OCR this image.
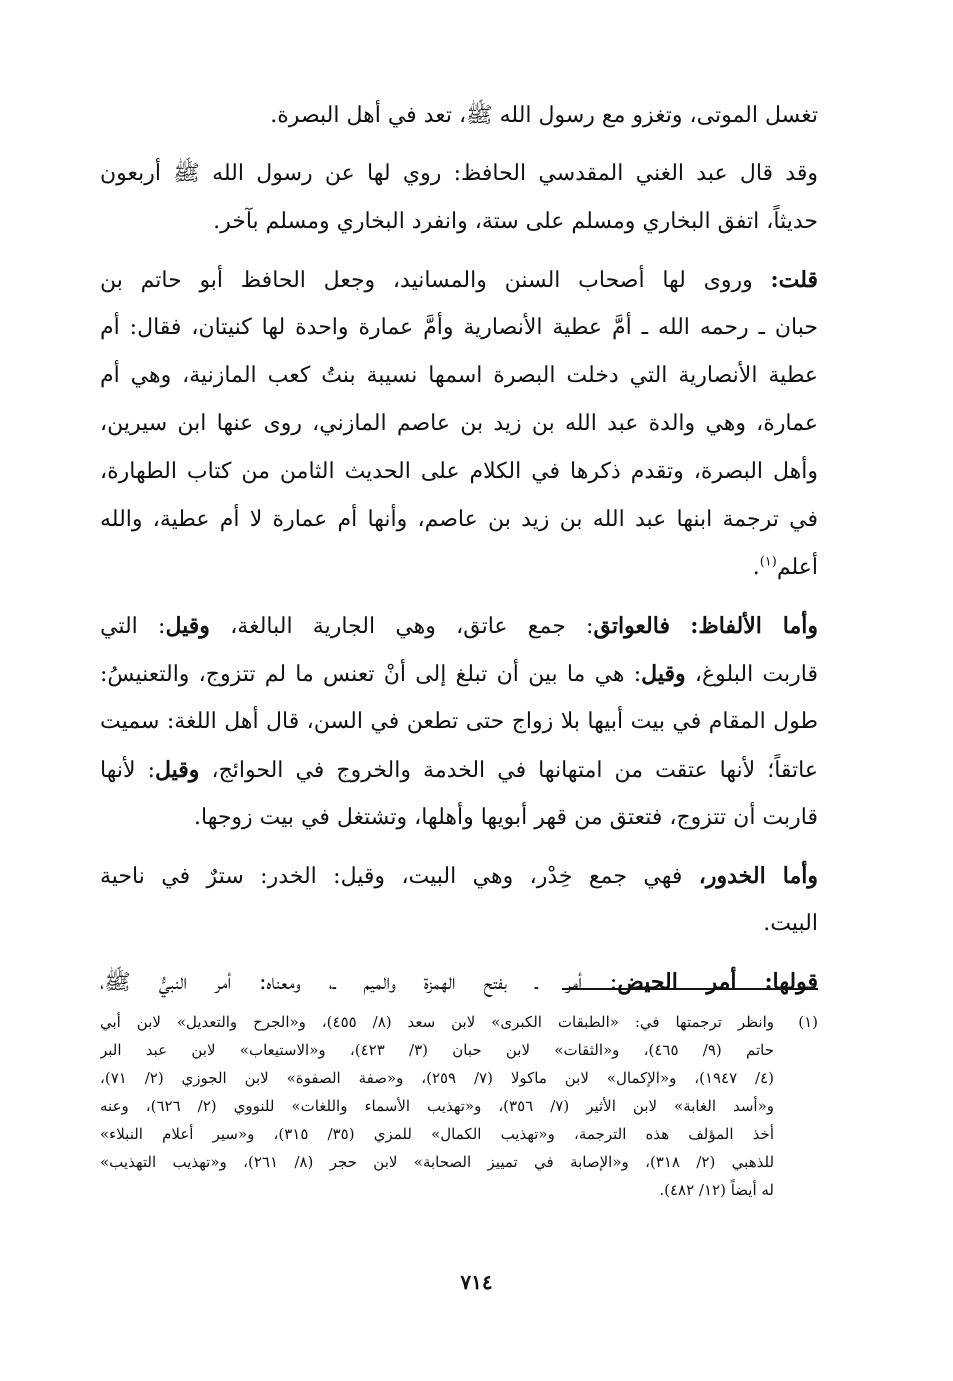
تغسل الموتى، وتغزو مع رسول الله ﷺ، تعد في أهل البصرة.
وقد قال عبد الغني المقدسي الحافظ: روي لها عن رسول الله ﷺ أربعون
حديثاً، اتفق البخاري ومسلم على ستة، وانفرد البخاري ومسلم بآخر.
قلت: وروى لها أصحاب السنن والمسانيد، وجعل الحافظ أبو حاتم بن
حبان ـ رحمه الله ـ أمَّ عطية الأنصارية وأمَّ عمارة واحدة لها كنيتان، فقال: أم
عطية الأنصارية التي دخلت البصرة اسمها نسيبة بنتُ كعب المازنية، وهي أم
عمارة، وهي والدة عبد الله بن زيد بن عاصم المازني، روى عنها ابن سيرين،
وأهل البصرة، وتقدم ذكرها في الكلام على الحديث الثامن من كتاب الطهارة،
في ترجمة ابنها عبد الله بن زيد بن عاصم، وأنها أم عمارة لا أم عطية، والله
أعلم$^{(١)}$.
وأما الألفاظ: فالعواتق: جمع عاتق، وهي الجارية البالغة، وقيل: التي
قاربت البلوغ، وقيل: هي ما بين أن تبلغ إلى أنْ تعنس ما لم تتزوج، والتعنيسُ:
طول المقام في بيت أبيها بلا زواج حتى تطعن في السن، قال أهل اللغة: سميت
عاتقاً؛ لأنها عتقت من امتهانها في الخدمة والخروج في الحوائج، وقيل: لأنها
قاربت أن تتزوج، فتعتق من قهر أبويها وأهلها، وتشتغل في بيت زوجها.
وأما الخدور، فهي جمع خِدْر، وهي البيت، وقيل: الخدر: سترٌ في ناحية
البيت.
قولها: أمر الحيض: أمر ـ بفتح الهمزة والميم ـ، ومعناه: أمر النبيُّ ﷺ،
(١)
وانظر ترجمتها في: «الطبقات الكبرى» لابن سعد (٨/ ٤٥٥)، و«الجرح والتعديل» لابن أبي
حاتم (٩/ ٤٦٥)، و«الثقات» لابن حبان (٣/ ٤٢٣)، و«الاستيعاب» لابن عبد البر
(٤/ ١٩٤٧)، و«الإكمال» لابن ماكولا (٧/ ٢٥٩)، و«صفة الصفوة» لابن الجوزي (٢/ ٧١)،
و«أسد الغابة» لابن الأثير (٧/ ٣٥٦)، و«تهذيب الأسماء واللغات» للنووي (٢/ ٦٢٦)، وعنه
أخذ المؤلف هذه الترجمة، و«تهذيب الكمال» للمزي (٣٥/ ٣١٥)، و«سير أعلام النبلاء»
للذهبي (٢/ ٣١٨)، و«الإصابة في تمييز الصحابة» لابن حجر (٨/ ٢٦١)، و«تهذيب التهذيب»
له أيضاً (١٢/ ٤٨٢).
٧١٤
